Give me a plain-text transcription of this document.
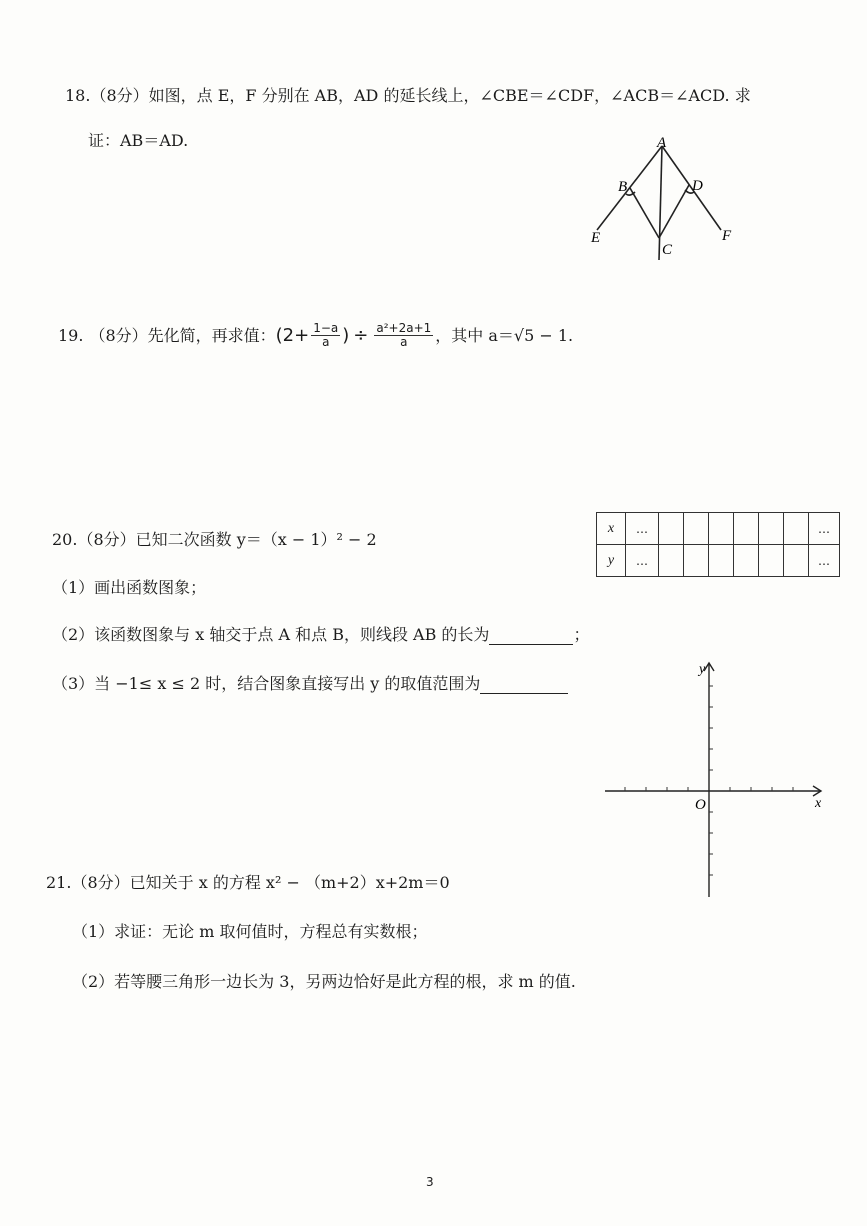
18.（8分）如图，点 E，F 分别在 AB，AD 的延长线上，∠CBE＝∠CDF，∠ACB＝∠ACD. 求
证：AB＝AD.	A
B	D
E	F
C
19. （8分） 先化简，再求值： ($2+ \frac{1-a}{a}$ ) ÷ $\frac{\text{a²+2a+1}}{a}$ ，其中 a＝√5 − 1.
20.（8分）已知二次函数 y＝（x − 1）² − 2
x	…							…
y	…							…
（1）画出函数图象；
（2）该函数图象与 x 轴交于点 A 和点 B，则线段 AB 的长为	；
（3）当 −1≤ x ≤ 2 时，结合图象直接写出 y 的取值范围为
y
x
O
21.（8分）已知关于 x 的方程 x² − （m+2）x+2m＝0
（1）求证：无论 m 取何值时，方程总有实数根；
（2）若等腰三角形一边长为 3，另两边恰好是此方程的根，求 m 的值.
3
